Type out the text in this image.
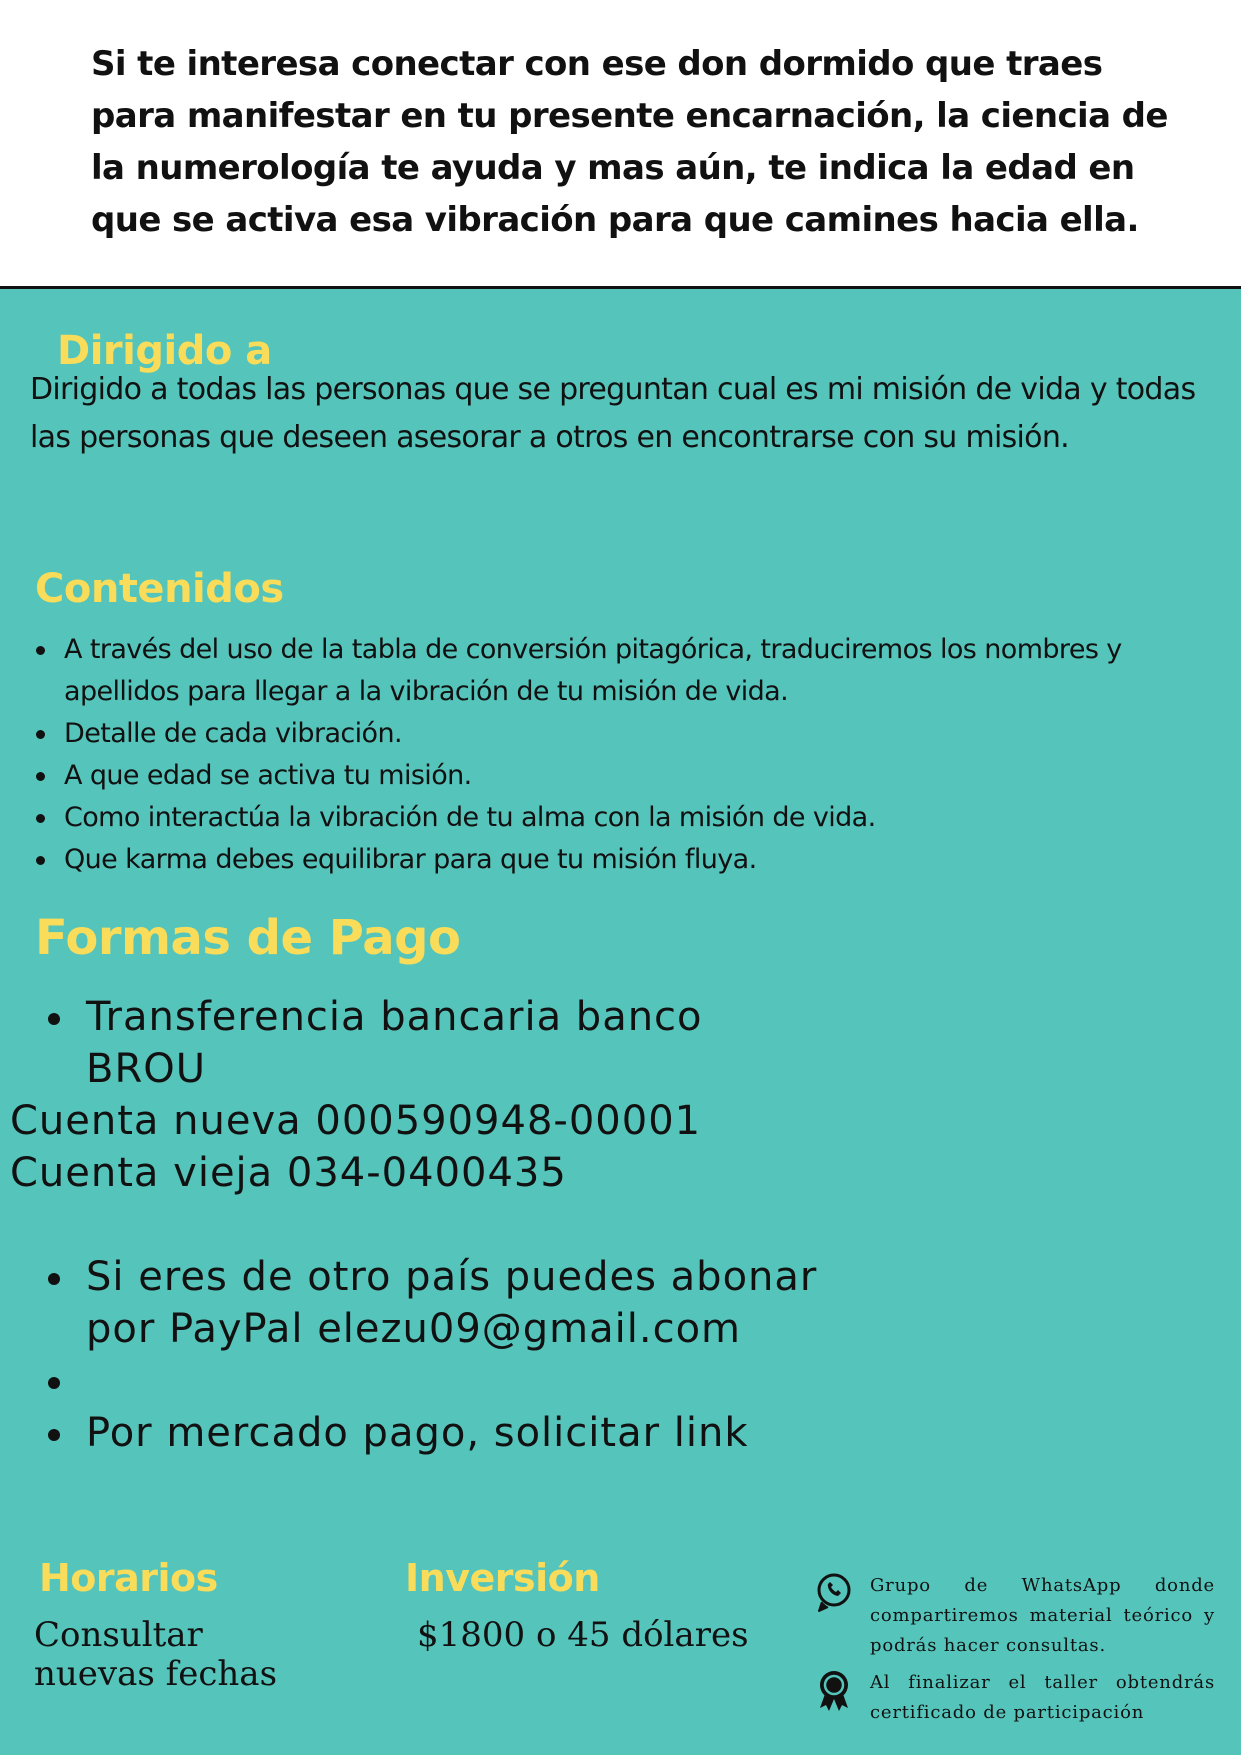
Si te interesa conectar con ese don dormido que traes para manifestar en tu presente encarnación, la ciencia de la numerología te ayuda y mas aún, te indica la edad en que se activa esa vibración para que camines hacia ella.

Dirigido a

Dirigido a todas las personas que se preguntan cual es mi misión de vida y todas las personas que deseen asesorar a otros en encontrarse con su misión.

Contenidos
A través del uso de la tabla de conversión pitagórica, traduciremos los nombres y apellidos para llegar a la vibración de tu misión de vida.
Detalle de cada vibración.
A que edad se activa tu misión.
Como interactúa la vibración de tu alma con la misión de vida.
Que karma debes equilibrar para que tu misión fluya.
Formas de Pago
Transferencia bancaria banco BROU
Cuenta nueva 000590948-00001
Cuenta vieja 034-0400435
Si eres de otro país puedes abonar por PayPal elezu09@gmail.com
Por mercado pago, solicitar link
Horarios

Consultar nuevas fechas

Inversión

$1800 o 45 dólares

Grupo de WhatsApp donde compartiremos material teórico y podrás hacer consultas.

Al finalizar el taller obtendrás certificado de participación
